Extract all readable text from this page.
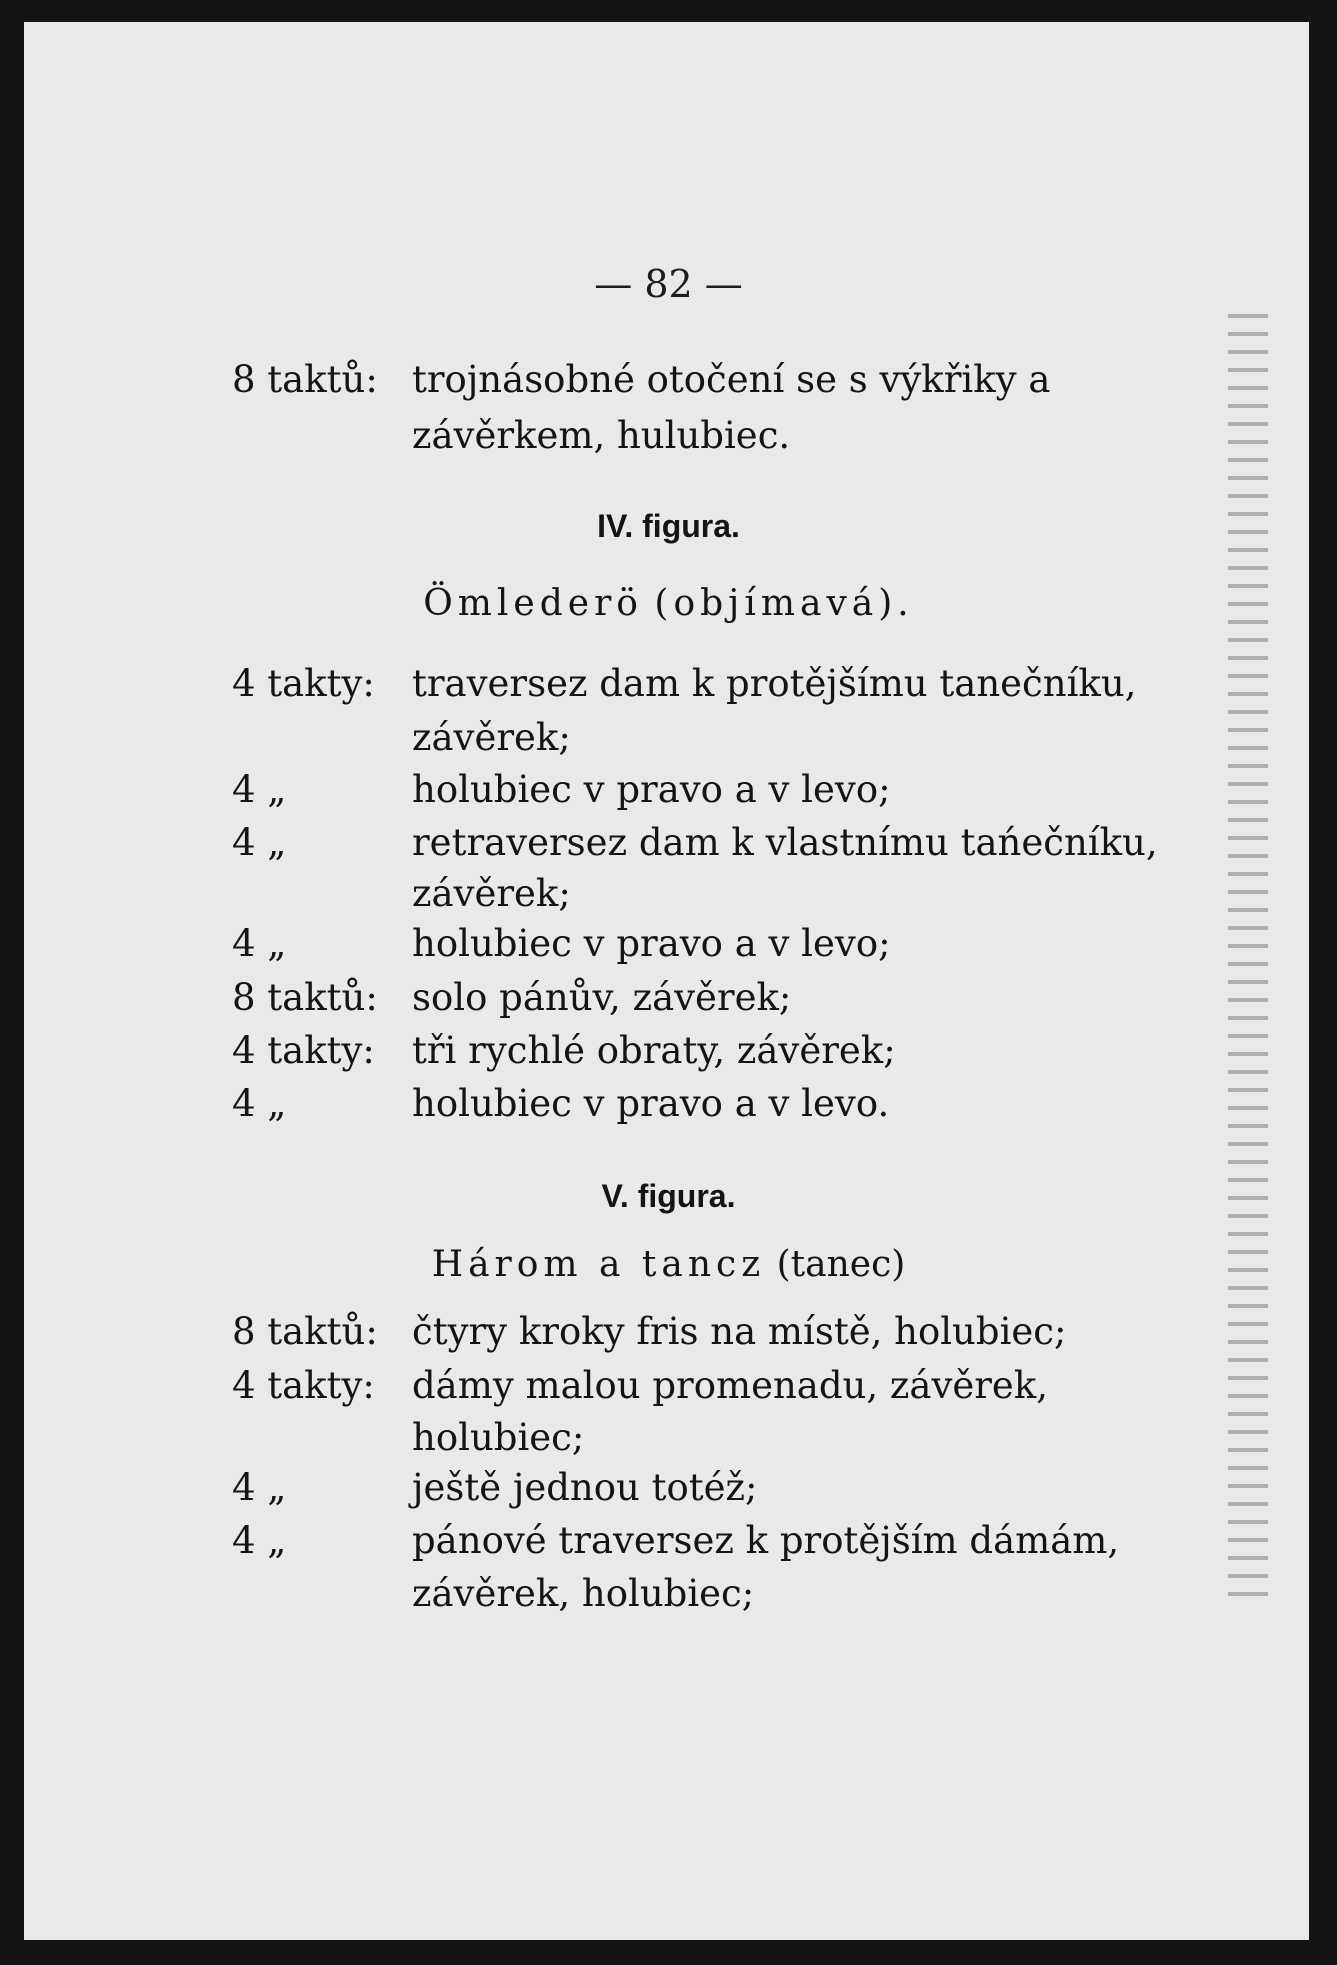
— 82 —
8 taktů: trojnásobné otočení se s výkřiky a
závěrkem, hulubiec.
IV. figura.
Ömlederö (objímavá).
4 takty:	traversez dam k protějšímu tanečníku,
závěrek;
4 „	holubiec v pravo a v levo;
4 „	retraversez dam k vlastnímu tańečníku,
závěrek;
4 „	holubiec v pravo a v levo;
8 taktů: solo pánův, závěrek;
4 takty:	tři rychlé obraty, závěrek;
4 „	holubiec v pravo a v levo.
V. figura.
Három a tancz (tanec)
8 taktů: čtyry kroky fris na místě, holubiec;
4 takty:	dámy malou promenadu, závěrek,
holubiec;
4 „	ještě jednou totéž;
4 „	pánové traversez k protějším dámám,
závěrek, holubiec;
